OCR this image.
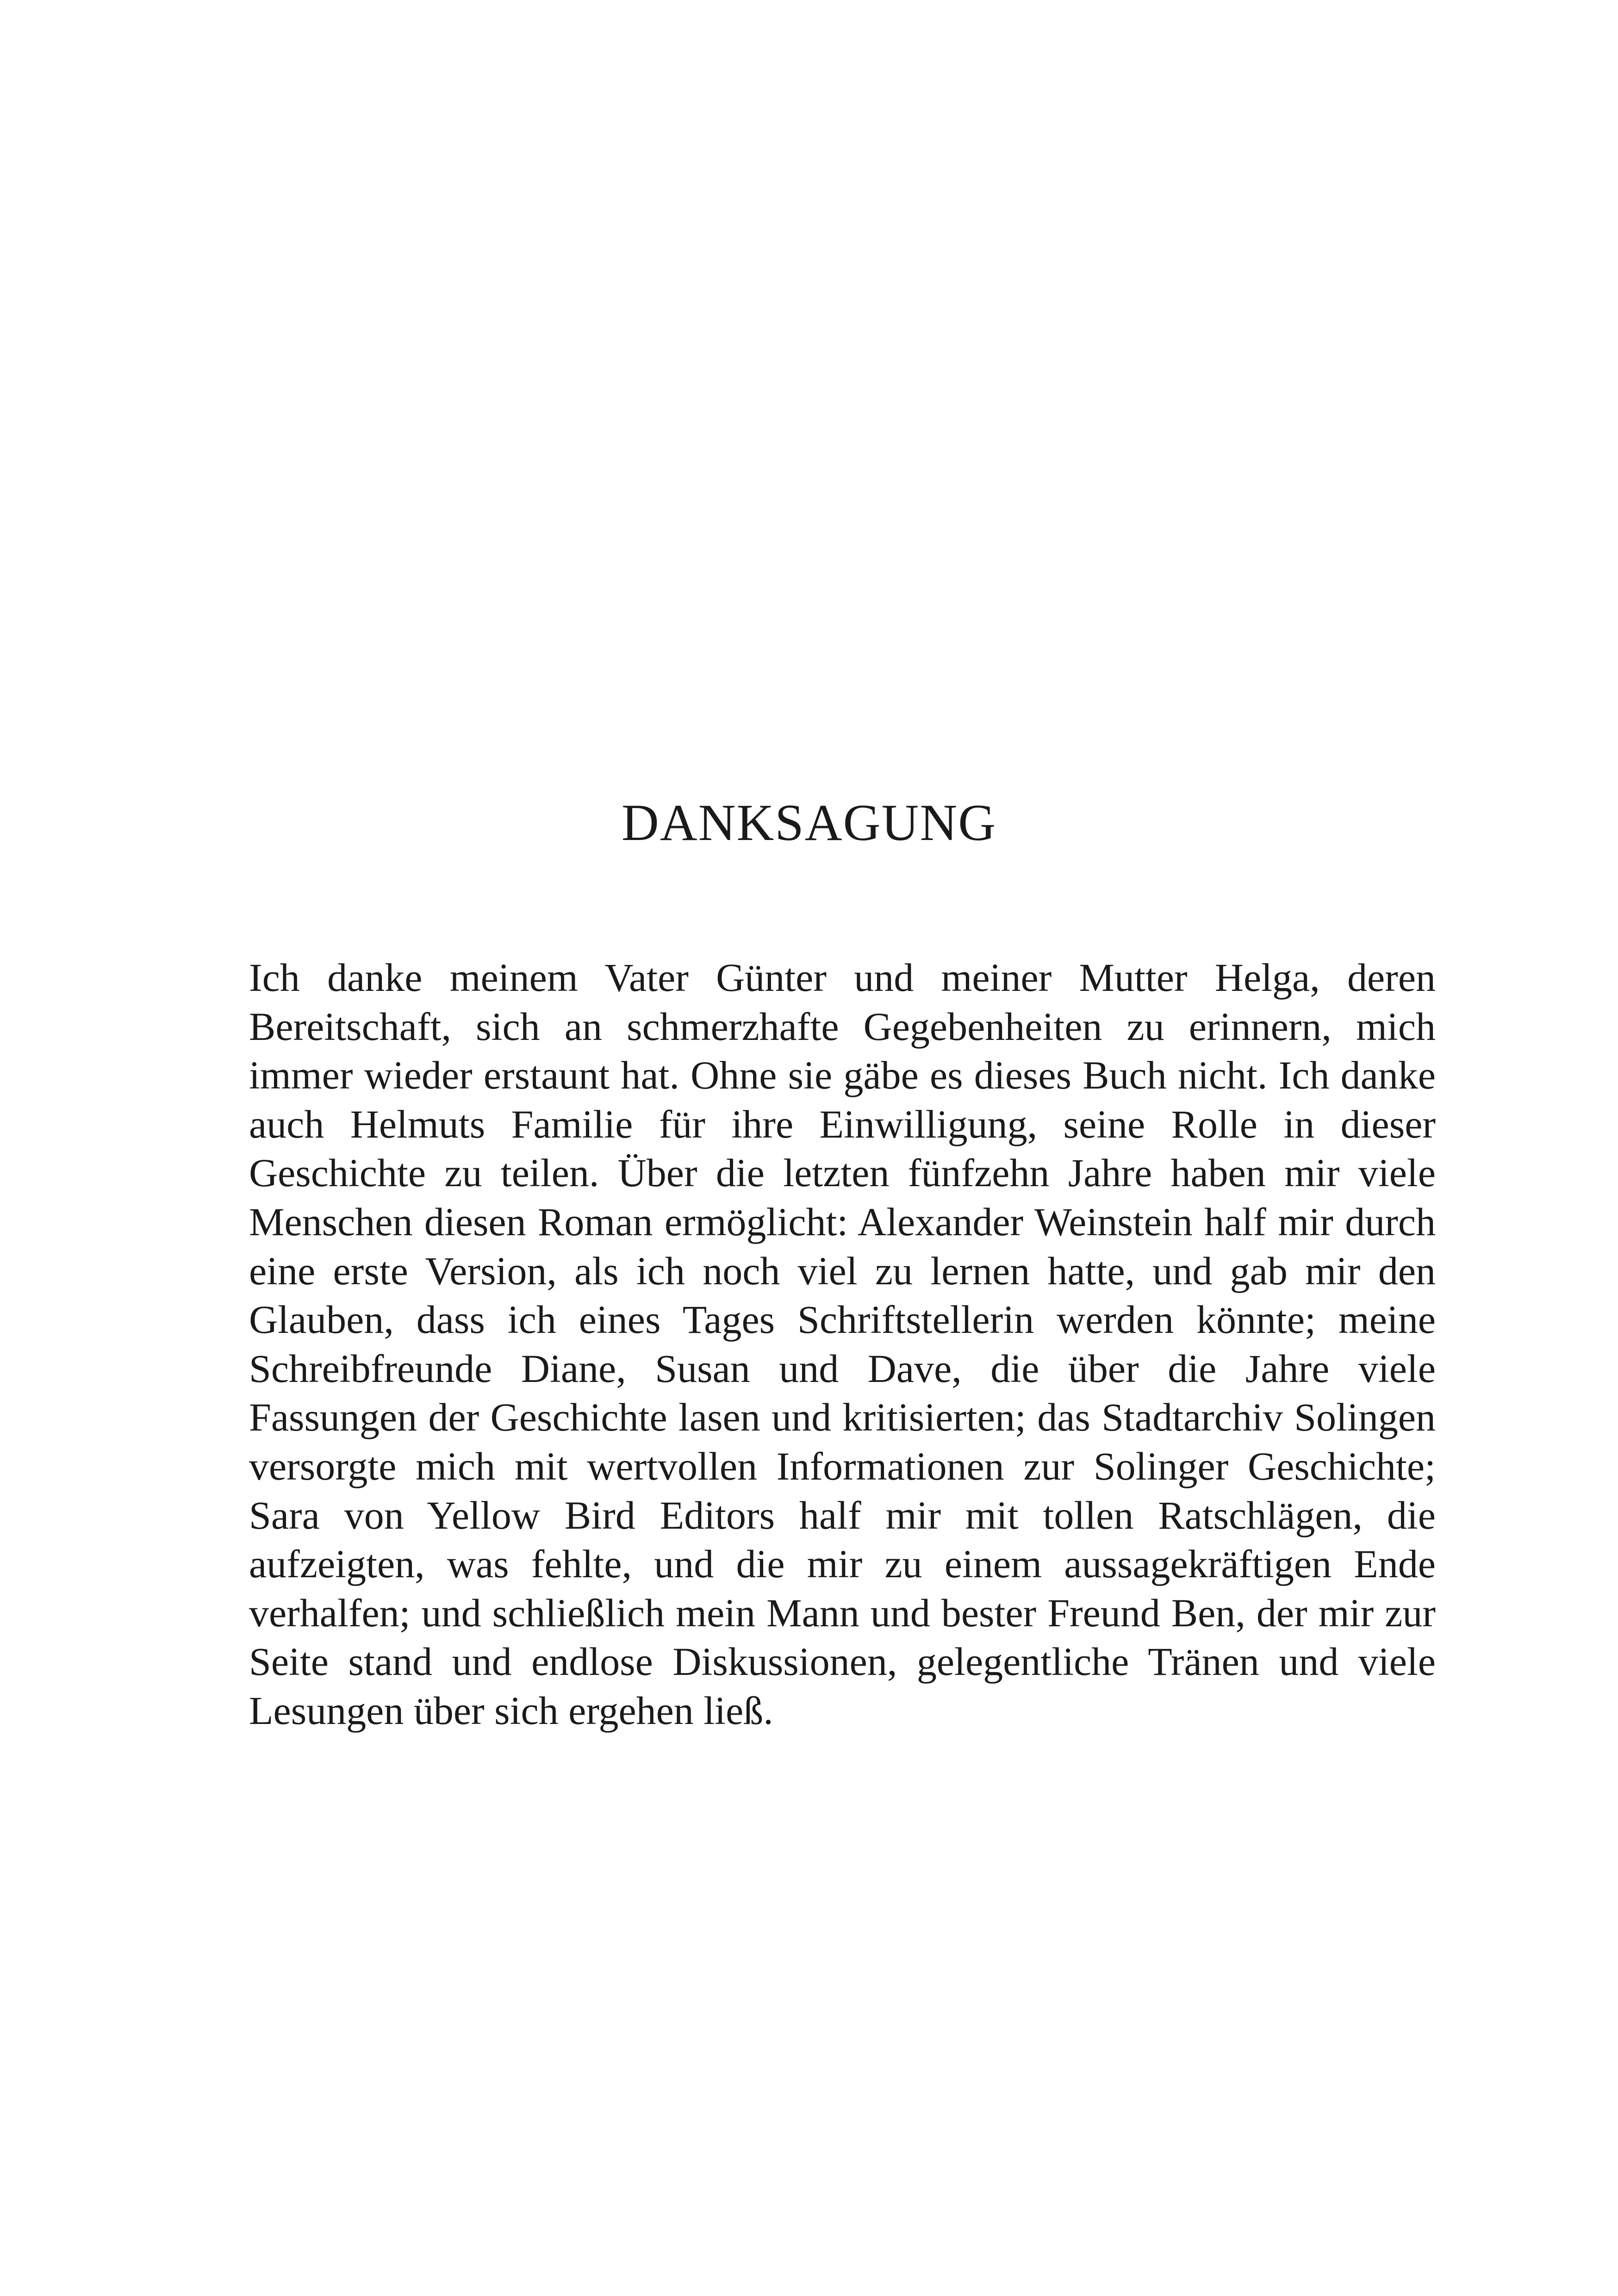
DANKSAGUNG

Ich danke meinem Vater Günter und meiner Mutter Helga, deren Bereitschaft, sich an schmerzhafte Gegebenheiten zu erinnern, mich immer wieder erstaunt hat. Ohne sie gäbe es dieses Buch nicht. Ich danke auch Helmuts Familie für ihre Einwilligung, seine Rolle in dieser Geschichte zu teilen. Über die letzten fünfzehn Jahre haben mir viele Menschen diesen Roman ermöglicht: Alexander Weinstein half mir durch eine erste Version, als ich noch viel zu lernen hatte, und gab mir den Glauben, dass ich eines Tages Schriftstellerin werden könnte; meine Schreibfreunde Diane, Susan und Dave, die über die Jahre viele Fassungen der Geschichte lasen und kritisierten; das Stadtarchiv Solingen versorgte mich mit wertvollen Informationen zur Solinger Geschichte; Sara von Yellow Bird Editors half mir mit tollen Ratschlägen, die aufzeigten, was fehlte, und die mir zu einem aussagekräftigen Ende verhalfen; und schließlich mein Mann und bester Freund Ben, der mir zur Seite stand und endlose Diskussionen, gelegentliche Tränen und viele Lesungen über sich ergehen ließ.
